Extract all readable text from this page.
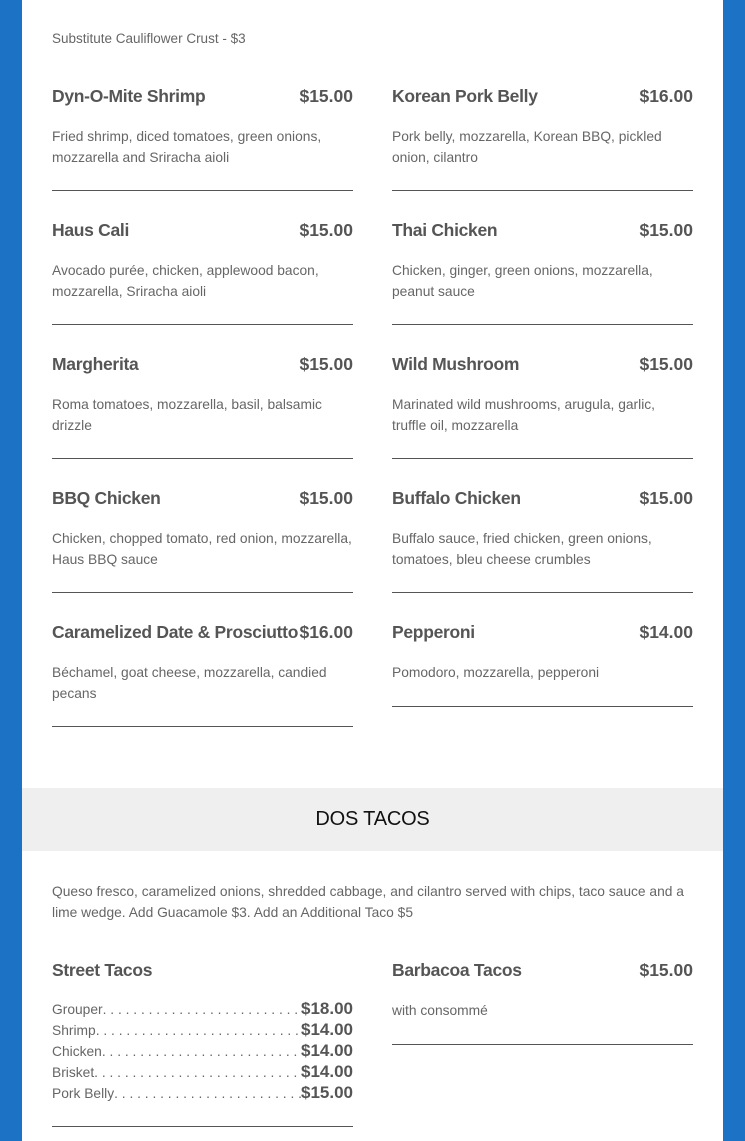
Substitute Cauliflower Crust - $3
Dyn-O-Mite Shrimp	$15.00
Fried shrimp, diced tomatoes, green onions, mozzarella and Sriracha aioli
Korean Pork Belly	$16.00
Pork belly, mozzarella, Korean BBQ, pickled onion, cilantro
Haus Cali	$15.00
Avocado purée, chicken, applewood bacon, mozzarella, Sriracha aioli
Thai Chicken	$15.00
Chicken, ginger, green onions, mozzarella, peanut sauce
Margherita	$15.00
Roma tomatoes, mozzarella, basil, balsamic drizzle
Wild Mushroom	$15.00
Marinated wild mushrooms, arugula, garlic, truffle oil, mozzarella
BBQ Chicken	$15.00
Chicken, chopped tomato, red onion, mozzarella, Haus BBQ sauce
Buffalo Chicken	$15.00
Buffalo sauce, fried chicken, green onions, tomatoes, bleu cheese crumbles
Caramelized Date & Prosciutto $16.00
Béchamel, goat cheese, mozzarella, candied pecans
Pepperoni	$14.00
Pomodoro, mozzarella, pepperoni
DOS TACOS
Queso fresco, caramelized onions, shredded cabbage, and cilantro served with chips, taco sauce and a lime wedge. Add Guacamole $3. Add an Additional Taco $5
Street Tacos
Grouper . . .	$18.00
Shrimp . . .	$14.00
Chicken . . .	$14.00
Brisket . . .	$14.00
Pork Belly . . .	$15.00
Barbacoa Tacos	$15.00
with consommé
